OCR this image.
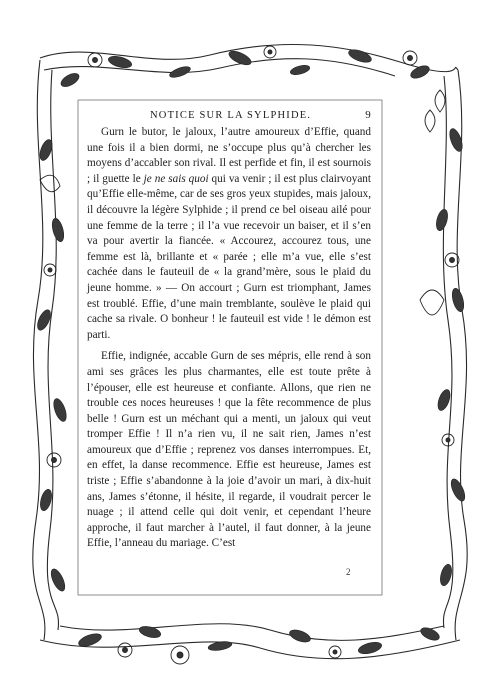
NOTICE SUR LA SYLPHIDE.	9

Gurn le butor, le jaloux, l’autre amoureux d’Effie, quand une fois il a bien dormi, ne s’occupe plus qu’à chercher les moyens d’accabler son rival. Il est perfide et fin, il est sournois ; il guette le je ne sais quoi qui va venir ; il est plus clairvoyant qu’Effie elle-même, car de ses gros yeux stupides, mais jaloux, il découvre la légère Sylphide ; il prend ce bel oiseau ailé pour une femme de la terre ; il l’a vue recevoir un baiser, et il s’en va pour avertir la fiancée. « Accourez, accourez tous, une femme est là, brillante et « parée ; elle m’a vue, elle s’est cachée dans le fauteuil de « la grand’mère, sous le plaid du jeune homme. » — On accourt ; Gurn est triomphant, James est troublé. Effie, d’une main tremblante, soulève le plaid qui cache sa rivale. O bonheur ! le fauteuil est vide ! le démon est parti.

Effie, indignée, accable Gurn de ses mépris, elle rend à son ami ses grâces les plus charmantes, elle est toute prête à l’épouser, elle est heureuse et confiante. Allons, que rien ne trouble ces noces heureuses ! que la fête recommence de plus belle ! Gurn est un méchant qui a menti, un jaloux qui veut tromper Effie ! Il n’a rien vu, il ne sait rien, James n’est amoureux que d’Effie ; reprenez vos danses interrompues. Et, en effet, la danse recommence. Effie est heureuse, James est triste ; Effie s’abandonne à la joie d’avoir un mari, à dix-huit ans, James s’étonne, il hésite, il regarde, il voudrait percer le nuage ; il attend celle qui doit venir, et cependant l’heure approche, il faut marcher à l’autel, il faut donner, à la jeune Effie, l’anneau du mariage. C’est

2
